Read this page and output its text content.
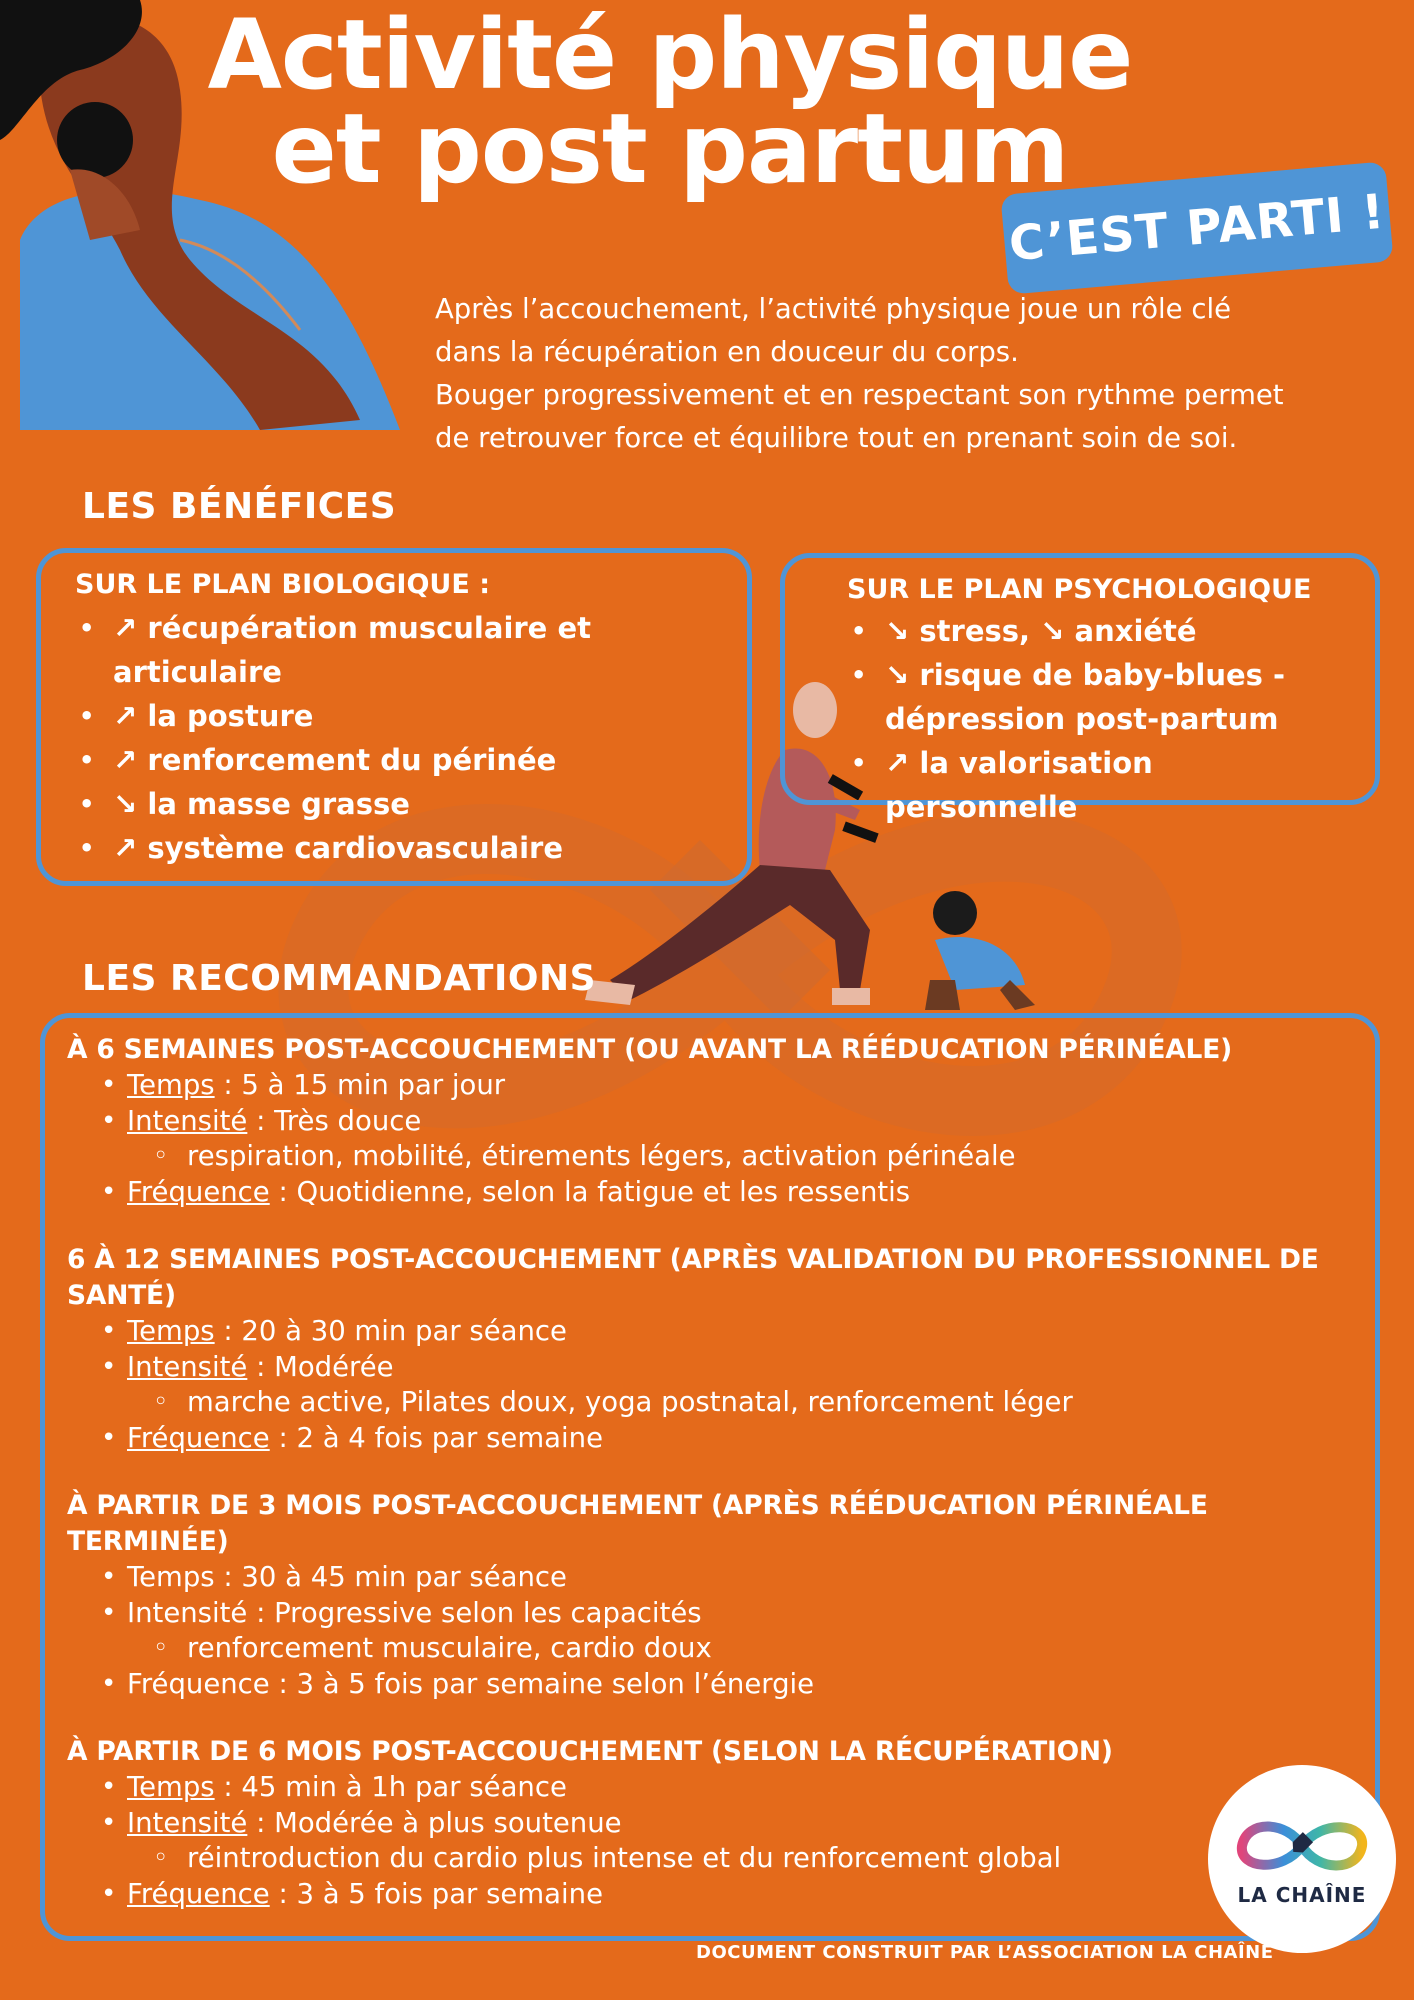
Activité physique
et post partum
C’EST PARTI !

Après l’accouchement, l’activité physique joue un rôle clé

dans la récupération en douceur du corps.

Bouger progressivement et en respectant son rythme permet

de retrouver force et équilibre tout en prenant soin de soi.

LES BÉNÉFICES

SUR LE PLAN BIOLOGIQUE :

• ↗ récupération musculaire et articulaire
• ↗ la posture
• ↗ renforcement du périnée
• ↘ la masse grasse
• ↗ système cardiovasculaire

SUR LE PLAN PSYCHOLOGIQUE

• ↘ stress, ↘ anxiété
• ↘ risque de baby-blues - dépression post-partum
• ↗ la valorisation personnelle
LES RECOMMANDATIONS

À 6 SEMAINES POST-ACCOUCHEMENT (OU AVANT LA RÉÉDUCATION PÉRINÉALE)

• Temps : 5 à 15 min par jour
• Intensité : Très douce
◦ respiration, mobilité, étirements légers, activation périnéale
• Fréquence : Quotidienne, selon la fatigue et les ressentis

6 À 12 SEMAINES POST-ACCOUCHEMENT (APRÈS VALIDATION DU PROFESSIONNEL DE SANTÉ)

• Temps : 20 à 30 min par séance
• Intensité : Modérée
◦ marche active, Pilates doux, yoga postnatal, renforcement léger
• Fréquence : 2 à 4 fois par semaine

À PARTIR DE 3 MOIS POST-ACCOUCHEMENT (APRÈS RÉÉDUCATION PÉRINÉALE TERMINÉE)

• Temps : 30 à 45 min par séance
• Intensité : Progressive selon les capacités
◦ renforcement musculaire, cardio doux
• Fréquence : 3 à 5 fois par semaine selon l’énergie

À PARTIR DE 6 MOIS POST-ACCOUCHEMENT (SELON LA RÉCUPÉRATION)

• Temps : 45 min à 1h par séance
• Intensité : Modérée à plus soutenue
◦ réintroduction du cardio plus intense et du renforcement global
• Fréquence : 3 à 5 fois par semaine	LA CHAÎNE
DOCUMENT CONSTRUIT PAR L’ASSOCIATION LA CHAÎNE
